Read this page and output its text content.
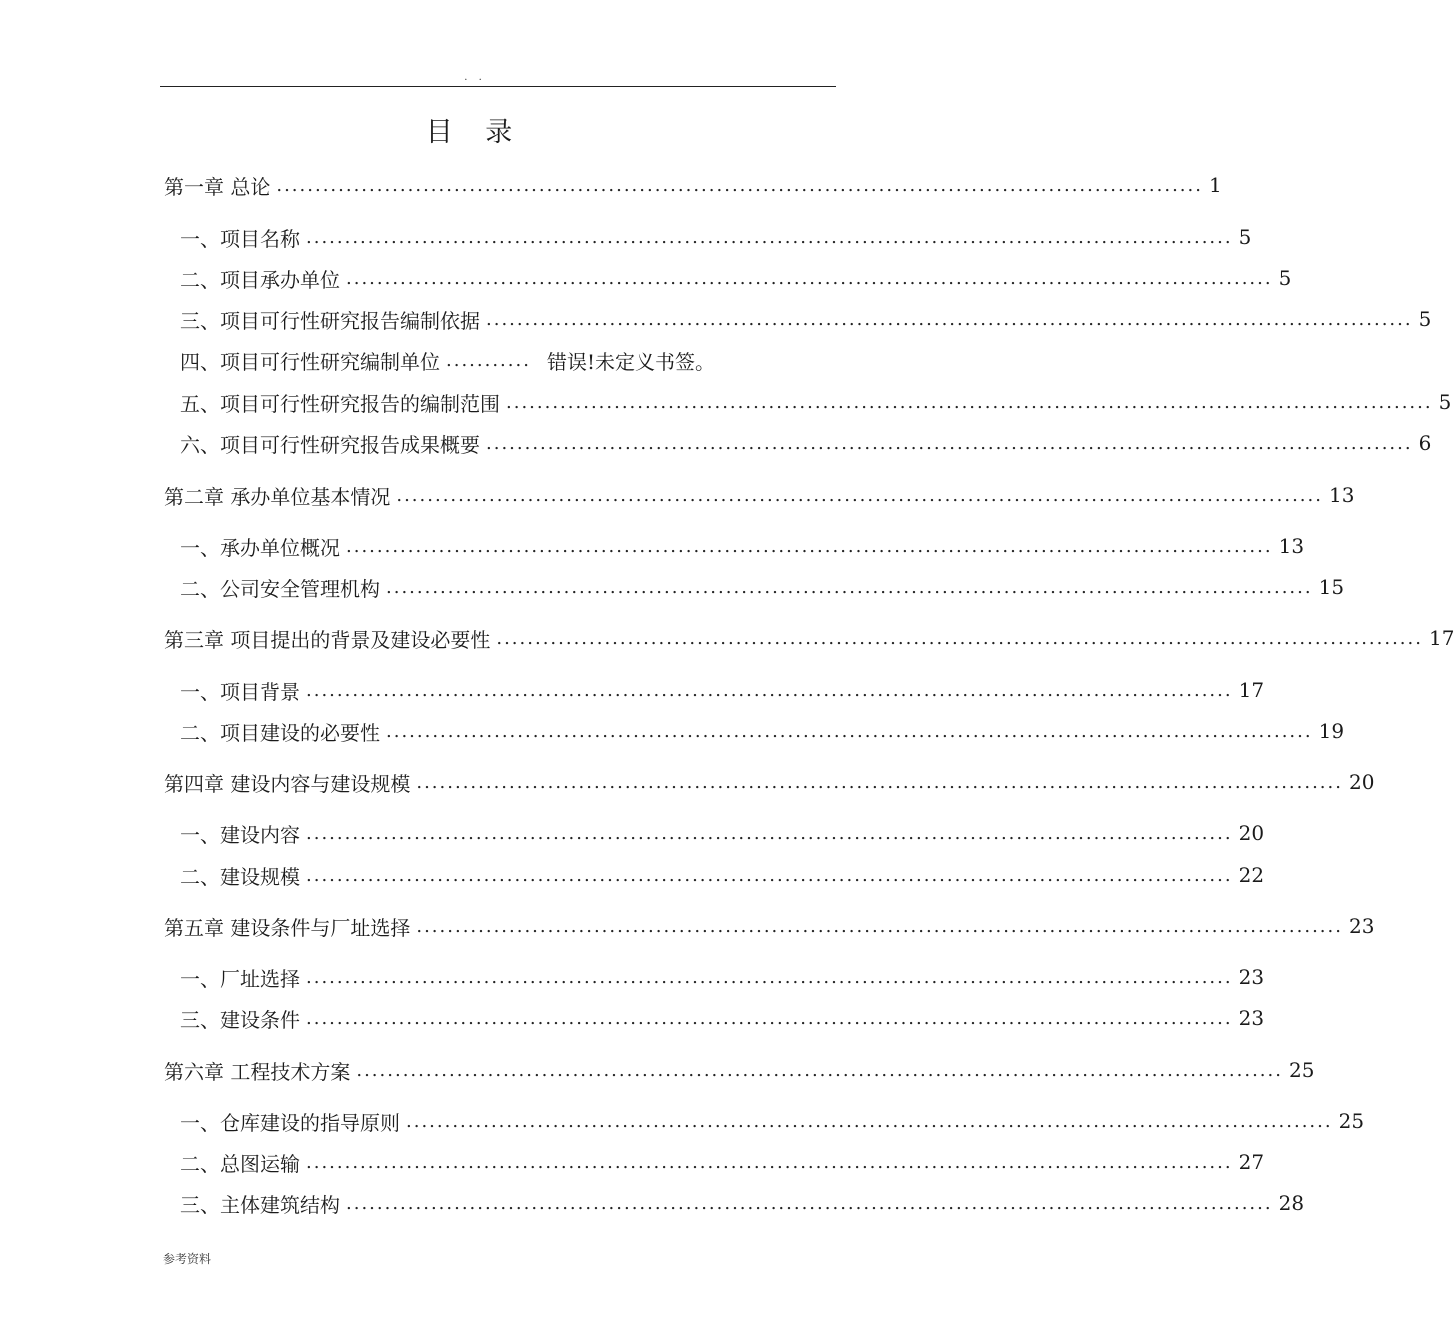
. .
目 录
第一章 总论 ........................................................................................................................ 1
一、项目名称 ........................................................................................................................ 5
二、项目承办单位 ........................................................................................................................ 5
三、项目可行性研究报告编制依据 ........................................................................................................................ 5
四、项目可行性研究编制单位 ........... 错误!未定义书签。
五、项目可行性研究报告的编制范围 ........................................................................................................................ 5
六、项目可行性研究报告成果概要 ........................................................................................................................ 6
第二章 承办单位基本情况 ........................................................................................................................ 13
一、承办单位概况 ........................................................................................................................ 13
二、公司安全管理机构 ........................................................................................................................ 15
第三章 项目提出的背景及建设必要性 ........................................................................................................................ 17
一、项目背景 ........................................................................................................................ 17
二、项目建设的必要性 ........................................................................................................................ 19
第四章 建设内容与建设规模 ........................................................................................................................ 20
一、建设内容 ........................................................................................................................ 20
二、建设规模 ........................................................................................................................ 22
第五章 建设条件与厂址选择 ........................................................................................................................ 23
一、厂址选择 ........................................................................................................................ 23
三、建设条件 ........................................................................................................................ 23
第六章 工程技术方案 ........................................................................................................................ 25
一、仓库建设的指导原则 ........................................................................................................................ 25
二、总图运输 ........................................................................................................................ 27
三、主体建筑结构 ........................................................................................................................ 28
参考资料
